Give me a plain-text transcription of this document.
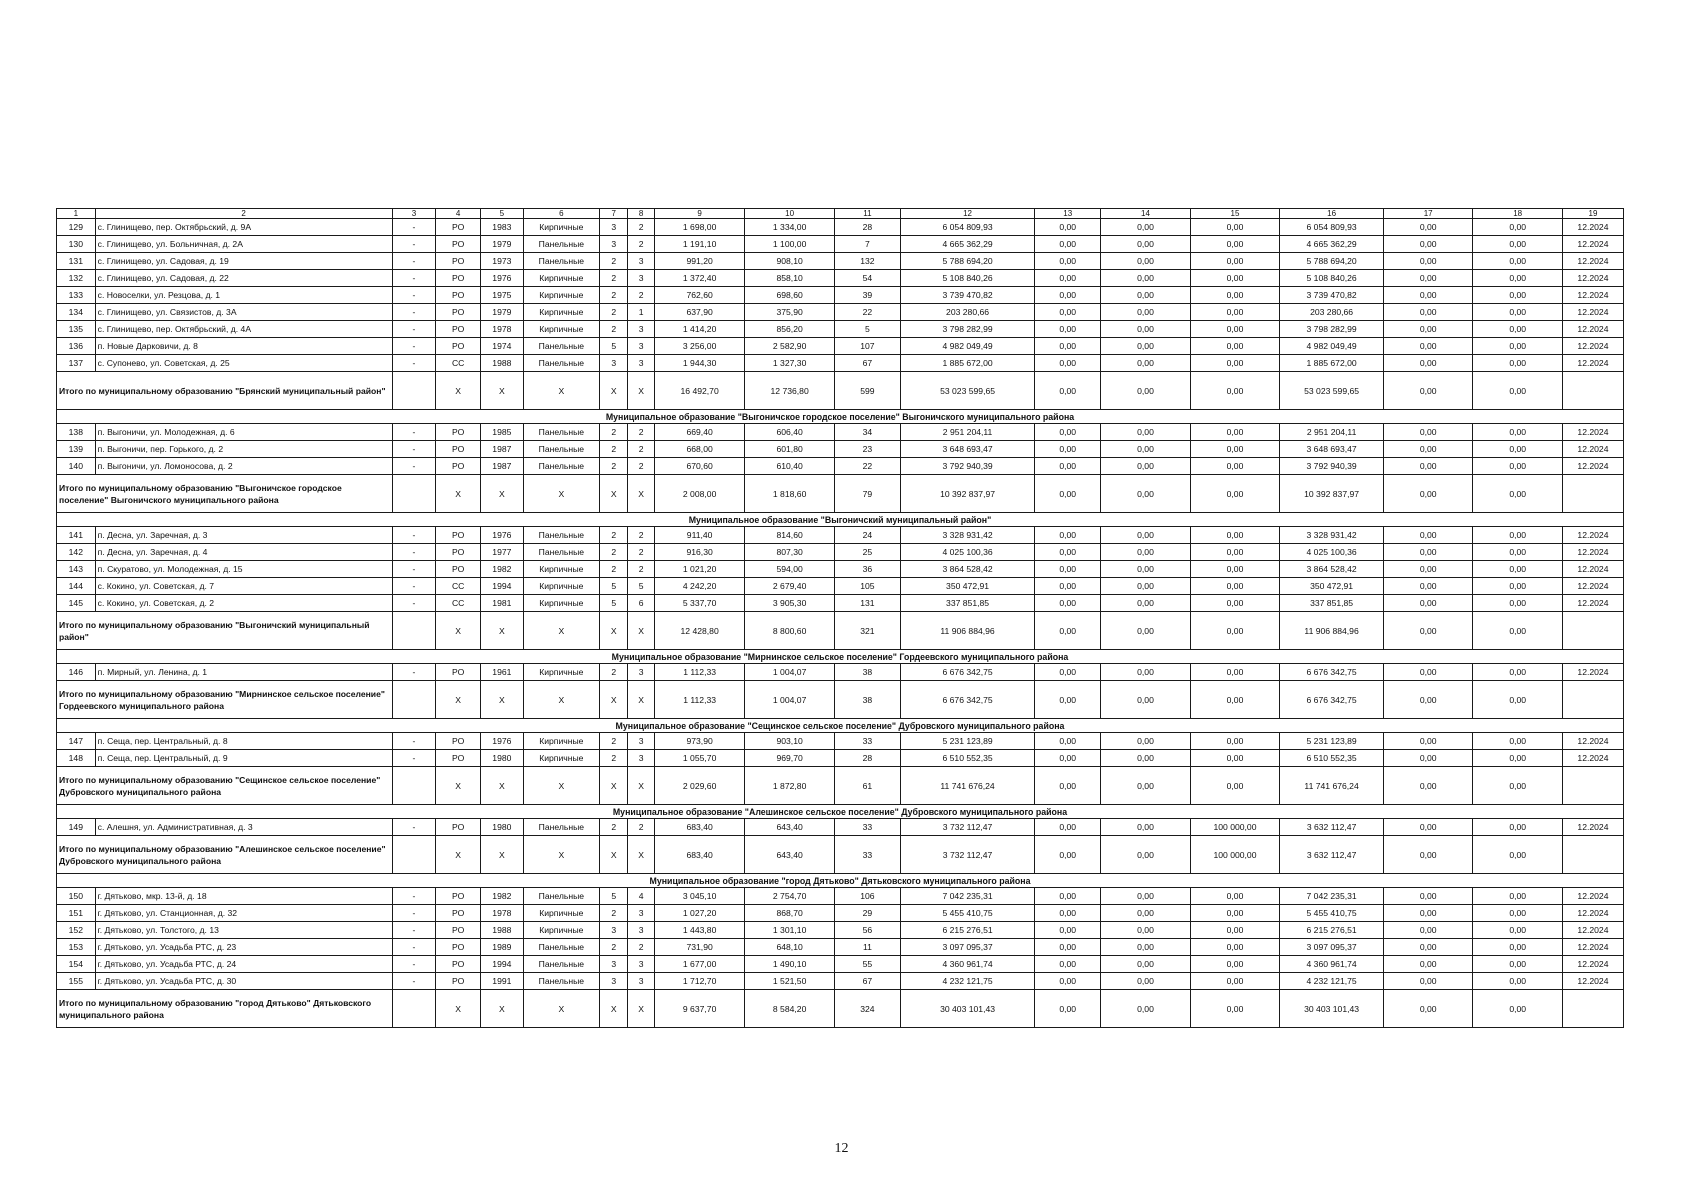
1	2	3	4	5	6	7	8	9	10	11	12	13	14	15	16	17	18	19
129	с. Глинищево, пер. Октябрьский, д. 9А	-	РО	1983	Кирпичные	3	2	1 698,00	1 334,00	28	6 054 809,93	0,00	0,00	0,00	6 054 809,93	0,00	0,00	12.2024
130	с. Глинищево, ул. Больничная, д. 2А	-	РО	1979	Панельные	3	2	1 191,10	1 100,00	7	4 665 362,29	0,00	0,00	0,00	4 665 362,29	0,00	0,00	12.2024
131	с. Глинищево, ул. Садовая, д. 19	-	РО	1973	Панельные	2	3	991,20	908,10	132	5 788 694,20	0,00	0,00	0,00	5 788 694,20	0,00	0,00	12.2024
132	с. Глинищево, ул. Садовая, д. 22	-	РО	1976	Кирпичные	2	3	1 372,40	858,10	54	5 108 840,26	0,00	0,00	0,00	5 108 840,26	0,00	0,00	12.2024
133	с. Новоселки, ул. Резцова, д. 1	-	РО	1975	Кирпичные	2	2	762,60	698,60	39	3 739 470,82	0,00	0,00	0,00	3 739 470,82	0,00	0,00	12.2024
134	с. Глинищево, ул. Связистов, д. 3А	-	РО	1979	Кирпичные	2	1	637,90	375,90	22	203 280,66	0,00	0,00	0,00	203 280,66	0,00	0,00	12.2024
135	с. Глинищево, пер. Октябрьский, д. 4А	-	РО	1978	Кирпичные	2	3	1 414,20	856,20	5	3 798 282,99	0,00	0,00	0,00	3 798 282,99	0,00	0,00	12.2024
136	п. Новые Дарковичи, д. 8	-	РО	1974	Панельные	5	3	3 256,00	2 582,90	107	4 982 049,49	0,00	0,00	0,00	4 982 049,49	0,00	0,00	12.2024
137	с. Супонево, ул. Советская, д. 25	-	СС	1988	Панельные	3	3	1 944,30	1 327,30	67	1 885 672,00	0,00	0,00	0,00	1 885 672,00	0,00	0,00	12.2024
Итого по муниципальному образованию "Брянский муниципальный район"			Х	Х	Х	Х	Х	16 492,70	12 736,80	599	53 023 599,65	0,00	0,00	0,00	53 023 599,65	0,00	0,00	
Муниципальное образование "Выгоничское городское поселение" Выгоничского муниципального района																		
138	п. Выгоничи, ул. Молодежная, д. 6	-	РО	1985	Панельные	2	2	669,40	606,40	34	2 951 204,11	0,00	0,00	0,00	2 951 204,11	0,00	0,00	12.2024
139	п. Выгоничи, пер. Горького, д. 2	-	РО	1987	Панельные	2	2	668,00	601,80	23	3 648 693,47	0,00	0,00	0,00	3 648 693,47	0,00	0,00	12.2024
140	п. Выгоничи, ул. Ломоносова, д. 2	-	РО	1987	Панельные	2	2	670,60	610,40	22	3 792 940,39	0,00	0,00	0,00	3 792 940,39	0,00	0,00	12.2024
Итого по муниципальному образованию "Выгоничское городское поселение" Выгоничского муниципального района			Х	Х	Х	Х	Х	2 008,00	1 818,60	79	10 392 837,97	0,00	0,00	0,00	10 392 837,97	0,00	0,00	
Муниципальное образование "Выгоничский муниципальный район"																		
141	п. Десна, ул. Заречная, д. 3	-	РО	1976	Панельные	2	2	911,40	814,60	24	3 328 931,42	0,00	0,00	0,00	3 328 931,42	0,00	0,00	12.2024
142	п. Десна, ул. Заречная, д. 4	-	РО	1977	Панельные	2	2	916,30	807,30	25	4 025 100,36	0,00	0,00	0,00	4 025 100,36	0,00	0,00	12.2024
143	п. Скуратово, ул. Молодежная, д. 15	-	РО	1982	Кирпичные	2	2	1 021,20	594,00	36	3 864 528,42	0,00	0,00	0,00	3 864 528,42	0,00	0,00	12.2024
144	с. Кокино, ул. Советская, д. 7	-	СС	1994	Кирпичные	5	5	4 242,20	2 679,40	105	350 472,91	0,00	0,00	0,00	350 472,91	0,00	0,00	12.2024
145	с. Кокино, ул. Советская, д. 2	-	СС	1981	Кирпичные	5	6	5 337,70	3 905,30	131	337 851,85	0,00	0,00	0,00	337 851,85	0,00	0,00	12.2024
Итого по муниципальному образованию "Выгоничский муниципальный район"			Х	Х	Х	Х	Х	12 428,80	8 800,60	321	11 906 884,96	0,00	0,00	0,00	11 906 884,96	0,00	0,00	
Муниципальное образование "Мирнинское сельское поселение" Гордеевского муниципального района																		
146	п. Мирный, ул. Ленина, д. 1	-	РО	1961	Кирпичные	2	3	1 112,33	1 004,07	38	6 676 342,75	0,00	0,00	0,00	6 676 342,75	0,00	0,00	12.2024
Итого по муниципальному образованию "Мирнинское сельское поселение" Гордеевского муниципального района			Х	Х	Х	Х	Х	1 112,33	1 004,07	38	6 676 342,75	0,00	0,00	0,00	6 676 342,75	0,00	0,00	
Муниципальное образование "Сещинское сельское поселение" Дубровского муниципального района																		
147	п. Сеща, пер. Центральный, д. 8	-	РО	1976	Кирпичные	2	3	973,90	903,10	33	5 231 123,89	0,00	0,00	0,00	5 231 123,89	0,00	0,00	12.2024
148	п. Сеща, пер. Центральный, д. 9	-	РО	1980	Кирпичные	2	3	1 055,70	969,70	28	6 510 552,35	0,00	0,00	0,00	6 510 552,35	0,00	0,00	12.2024
Итого по муниципальному образованию "Сещинское сельское поселение" Дубровского муниципального района			Х	Х	Х	Х	Х	2 029,60	1 872,80	61	11 741 676,24	0,00	0,00	0,00	11 741 676,24	0,00	0,00	
Муниципальное образование "Алешинское сельское поселение" Дубровского муниципального района																		
149	с. Алешня, ул. Административная, д. 3	-	РО	1980	Панельные	2	2	683,40	643,40	33	3 732 112,47	0,00	0,00	100 000,00	3 632 112,47	0,00	0,00	12.2024
Итого по муниципальному образованию "Алешинское сельское поселение" Дубровского муниципального района			Х	Х	Х	Х	Х	683,40	643,40	33	3 732 112,47	0,00	0,00	100 000,00	3 632 112,47	0,00	0,00	
Муниципальное образование "город Дятьково" Дятьковского муниципального района																		
150	г. Дятьково, мкр. 13-й, д. 18	-	РО	1982	Панельные	5	4	3 045,10	2 754,70	106	7 042 235,31	0,00	0,00	0,00	7 042 235,31	0,00	0,00	12.2024
151	г. Дятьково, ул. Станционная, д. 32	-	РО	1978	Кирпичные	2	3	1 027,20	868,70	29	5 455 410,75	0,00	0,00	0,00	5 455 410,75	0,00	0,00	12.2024
152	г. Дятьково, ул. Толстого, д. 13	-	РО	1988	Кирпичные	3	3	1 443,80	1 301,10	56	6 215 276,51	0,00	0,00	0,00	6 215 276,51	0,00	0,00	12.2024
153	г. Дятьково, ул. Усадьба РТС, д. 23	-	РО	1989	Панельные	2	2	731,90	648,10	11	3 097 095,37	0,00	0,00	0,00	3 097 095,37	0,00	0,00	12.2024
154	г. Дятьково, ул. Усадьба РТС, д. 24	-	РО	1994	Панельные	3	3	1 677,00	1 490,10	55	4 360 961,74	0,00	0,00	0,00	4 360 961,74	0,00	0,00	12.2024
155	г. Дятьково, ул. Усадьба РТС, д. 30	-	РО	1991	Панельные	3	3	1 712,70	1 521,50	67	4 232 121,75	0,00	0,00	0,00	4 232 121,75	0,00	0,00	12.2024
Итого по муниципальному образованию "город Дятьково" Дятьковского муниципального района			Х	Х	Х	Х	Х	9 637,70	8 584,20	324	30 403 101,43	0,00	0,00	0,00	30 403 101,43	0,00	0,00	
12
